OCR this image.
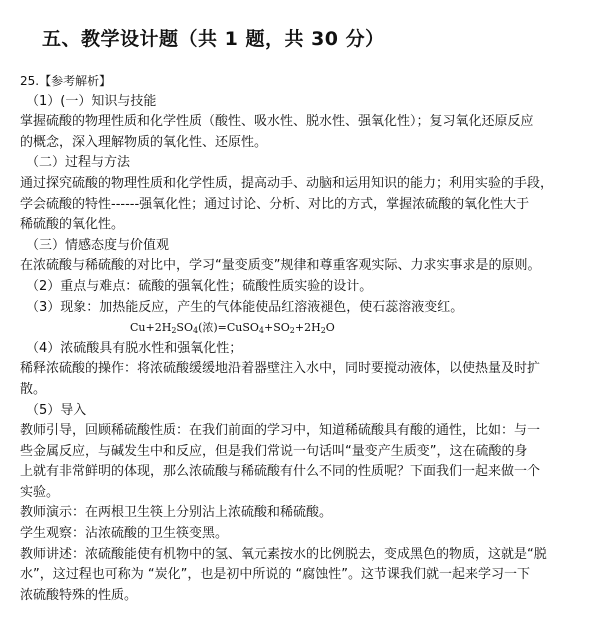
五、教学设计题（共 1 题，共 30 分）
25.【参考解析】
（1）(一）知识与技能
掌握硫酸的物理性质和化学性质（酸性、吸水性、脱水性、强氧化性）；复习氧化还原反应
的概念，深入理解物质的氧化性、还原性。
（二）过程与方法
通过探究硫酸的物理性质和化学性质，提高动手、动脑和运用知识的能力；利用实验的手段，
学会硫酸的特性------强氧化性；通过讨论、分析、对比的方式，掌握浓硫酸的氧化性大于
稀硫酸的氧化性。
（三）情感态度与价值观
在浓硫酸与稀硫酸的对比中，学习“量变质变”规律和尊重客观实际、力求实事求是的原则。
（2）重点与难点：硫酸的强氧化性；硫酸性质实验的设计。
（3）现象：加热能反应，产生的气体能使品红溶液褪色，使石蕊溶液变红。
$Cu+2H_2SO_4$(浓)$=CuSO_4+SO_2+2H_2O$
（4）浓硫酸具有脱水性和强氧化性；
稀释浓硫酸的操作：将浓硫酸缓缓地沿着器壁注入水中，同时要搅动液体，以使热量及时扩
散。
（5）导入
教师引导，回顾稀硫酸性质：在我们前面的学习中，知道稀硫酸具有酸的通性，比如：与一
些金属反应，与碱发生中和反应，但是我们常说一句话叫“量变产生质变”，这在硫酸的身
上就有非常鲜明的体现，那么浓硫酸与稀硫酸有什么不同的性质呢？下面我们一起来做一个
实验。
教师演示：在两根卫生筷上分别沾上浓硫酸和稀硫酸。
学生观察：沾浓硫酸的卫生筷变黑。
教师讲述：浓硫酸能使有机物中的氢、氧元素按水的比例脱去，变成黑色的物质，这就是“脱
水”，这过程也可称为 “炭化”，也是初中所说的 “腐蚀性”。这节课我们就一起来学习一下
浓硫酸特殊的性质。
